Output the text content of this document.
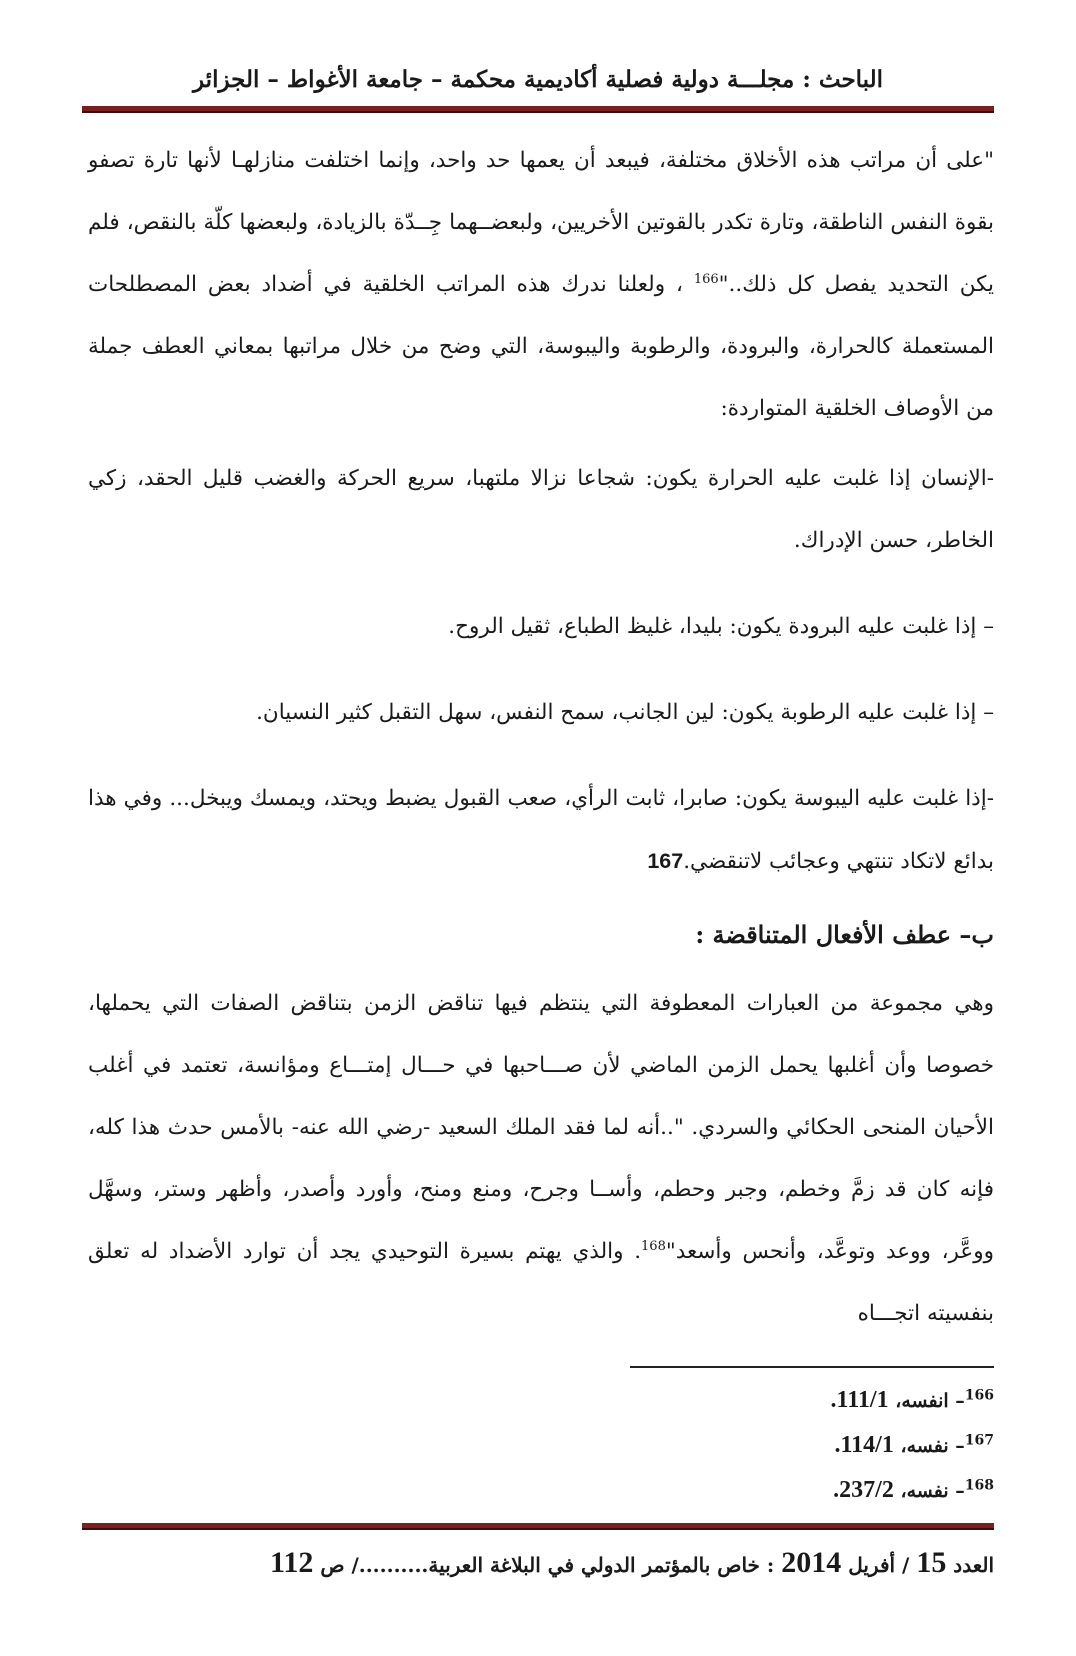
الباحث : مجلـــة دولية فصلية أكاديمية محكمة – جامعة الأغواط – الجزائر

"على أن مراتب هذه الأخلاق مختلفة، فيبعد أن يعمها حد واحد، وإنما اختلفت منازلهـا لأنها تارة تصفو بقوة النفس الناطقة، وتارة تكدر بالقوتين الأخريين، ولبعضــهما جِــدّة بالزيادة، ولبعضها كلّة بالنقص، فلم يكن التحديد يفصل كل ذلك.."$^{166}$ ، ولعلنا ندرك هذه المراتب الخلقية في أضداد بعض المصطلحات المستعملة كالحرارة، والبرودة، والرطوبة واليبوسة، التي وضح من خلال مراتبها بمعاني العطف جملة من الأوصاف الخلقية المتواردة:

-الإنسان إذا غلبت عليه الحرارة يكون: شجاعا نزالا ملتهبا، سريع الحركة والغضب قليل الحقد، زكي الخاطر، حسن الإدراك.

– إذا غلبت عليه البرودة يكون: بليدا، غليظ الطباع، ثقيل الروح.

– إذا غلبت عليه الرطوبة يكون: لين الجانب، سمح النفس، سهل التقبل كثير النسيان.

-إذا غلبت عليه اليبوسة يكون: صابرا، ثابت الرأي، صعب القبول يضبط ويحتد، ويمسك ويبخل... وفي هذا بدائع لاتكاد تنتهي وعجائب لاتنقضي.167

ب– عطف الأفعال المتناقضة :

وهي مجموعة من العبارات المعطوفة التي ينتظم فيها تناقض الزمن بتناقض الصفات التي يحملها، خصوصا وأن أغلبها يحمل الزمن الماضي لأن صـــاحبها في حـــال إمتـــاع ومؤانسة، تعتمد في أغلب الأحيان المنحى الحكائي والسردي. "..أنه لما فقد الملك السعيد -رضي الله عنه- بالأمس حدث هذا كله، فإنه كان قد زمَّ وخطم، وجبر وحطم، وأســا وجرح، ومنع ومنح، وأورد وأصدر، وأظهر وستر، وسهَّل ووعَّر، ووعد وتوعَّد، وأنحس وأسعد"$^{168}$. والذي يهتم بسيرة التوحيدي يجد أن توارد الأضداد له تعلق بنفسيته اتجـــاه

$^{166}$– انفسه، 111/1.
$^{167}$– نفسه، 114/1.
$^{168}$– نفسه، 237/2.
العدد 15 / أفريل 2014 : خاص بالمؤتمر الدولي في البلاغة العربية........../ ص 112
